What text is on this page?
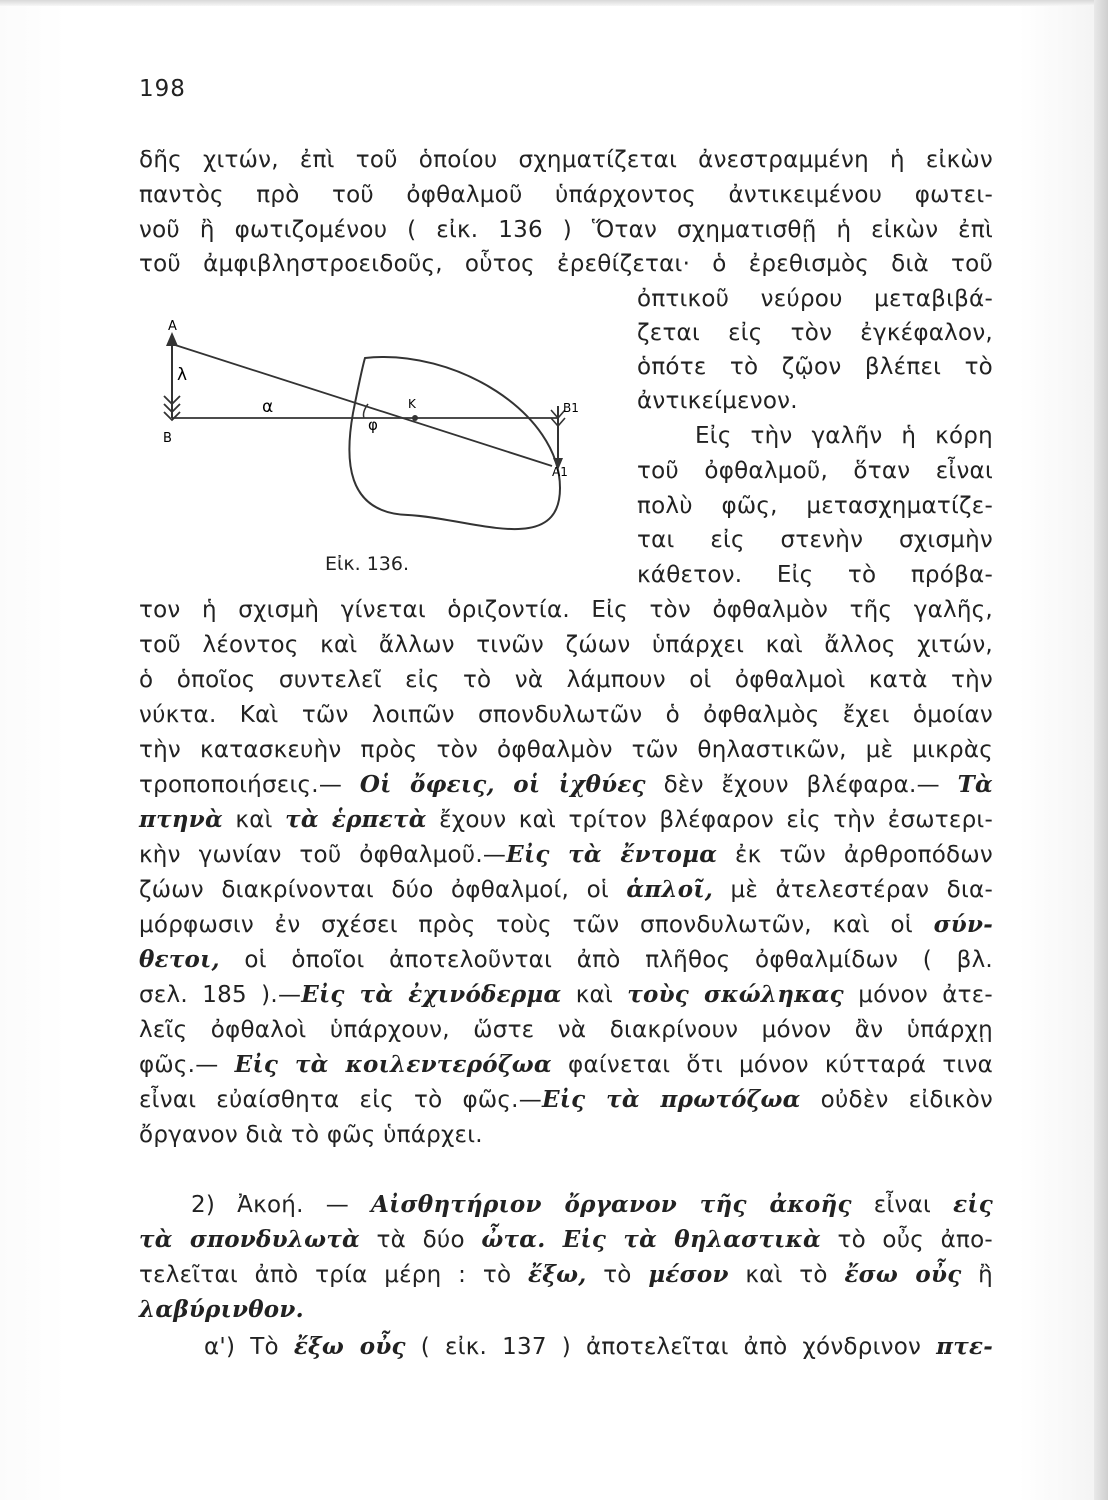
198
A
B
λ
α
φ
K	B1
A1
Εἰκ. 136.
δῆς χιτών, ἐπὶ τοῦ ὁποίου σχηματίζεται ἀνεστραμμένη ἡ εἰκὼν
παντὸς πρὸ τοῦ ὀφθαλμοῦ ὑπάρχοντος ἀντικειμένου φωτει-
νοῦ ἢ φωτιζομένου ( εἰκ. 136 ) Ὅταν σχηματισθῇ ἡ εἰκὼν ἐπὶ
τοῦ ἀμφιβληστροειδοῦς, οὗτος ἐρεθίζεται· ὁ ἐρεθισμὸς διὰ τοῦ
ὀπτικοῦ νεύρου μεταβιβά-
ζεται εἰς τὸν ἐγκέφαλον,
ὁπότε τὸ ζῷον βλέπει τὸ
ἀντικείμενον.
Εἰς τὴν γαλῆν ἡ κόρη
τοῦ ὀφθαλμοῦ, ὅταν εἶναι
πολὺ φῶς, μετασχηματίζε-
ται εἰς στενὴν σχισμὴν
κάθετον. Εἰς τὸ πρόβα-
τον ἡ σχισμὴ γίνεται ὁριζοντία. Εἰς τὸν ὀφθαλμὸν τῆς γαλῆς,
τοῦ λέοντος καὶ ἄλλων τινῶν ζώων ὑπάρχει καὶ ἄλλος χιτών,
ὁ ὁποῖος συντελεῖ εἰς τὸ νὰ λάμπουν οἱ ὀφθαλμοὶ κατὰ τὴν
νύκτα. Καὶ τῶν λοιπῶν σπονδυλωτῶν ὁ ὀφθαλμὸς ἔχει ὁμοίαν
τὴν κατασκευὴν πρὸς τὸν ὀφθαλμὸν τῶν θηλαστικῶν, μὲ μικρὰς
τροποποιήσεις.— Οἱ ὄφεις, οἱ ἰχθύες δὲν ἔχουν βλέφαρα.— Τὰ
πτηνὰ καὶ τὰ ἑρπετὰ ἔχουν καὶ τρίτον βλέφαρον εἰς τὴν ἐσωτερι-
κὴν γωνίαν τοῦ ὀφθαλμοῦ.—Εἰς τὰ ἔντομα ἐκ τῶν ἀρθροπόδων
ζώων διακρίνονται δύο ὀφθαλμοί, οἱ ἁπλοῖ, μὲ ἀτελεστέραν δια-
μόρφωσιν ἐν σχέσει πρὸς τοὺς τῶν σπονδυλωτῶν, καὶ οἱ σύν-
θετοι, οἱ ὁποῖοι ἀποτελοῦνται ἀπὸ πλῆθος ὀφθαλμίδων ( βλ.
σελ. 185 ).—Εἰς τὰ ἐχινόδερμα καὶ τοὺς σκώληκας μόνον ἀτε-
λεῖς ὀφθαλοὶ ὑπάρχουν, ὥστε νὰ διακρίνουν μόνον ἂν ὑπάρχῃ
φῶς.— Εἰς τὰ κοιλεντερόζωα φαίνεται ὅτι μόνον κύτταρά τινα
εἶναι εὐαίσθητα εἰς τὸ φῶς.—Εἰς τὰ πρωτόζωα οὐδὲν εἰδικὸν
ὄργανον διὰ τὸ φῶς ὑπάρχει.
2) Ἀκοή. — Αἰσθητήριον ὄργανον τῆς ἀκοῆς εἶναι εἰς
τὰ σπονδυλωτὰ τὰ δύο ὦτα. Εἰς τὰ θηλαστικὰ τὸ οὖς ἀπο-
τελεῖται ἀπὸ τρία μέρη : τὸ ἔξω, τὸ μέσον καὶ τὸ ἔσω οὖς ἢ
λαβύρινθον.
α') Τὸ ἔξω οὖς ( εἰκ. 137 ) ἀποτελεῖται ἀπὸ χόνδρινον πτε-
